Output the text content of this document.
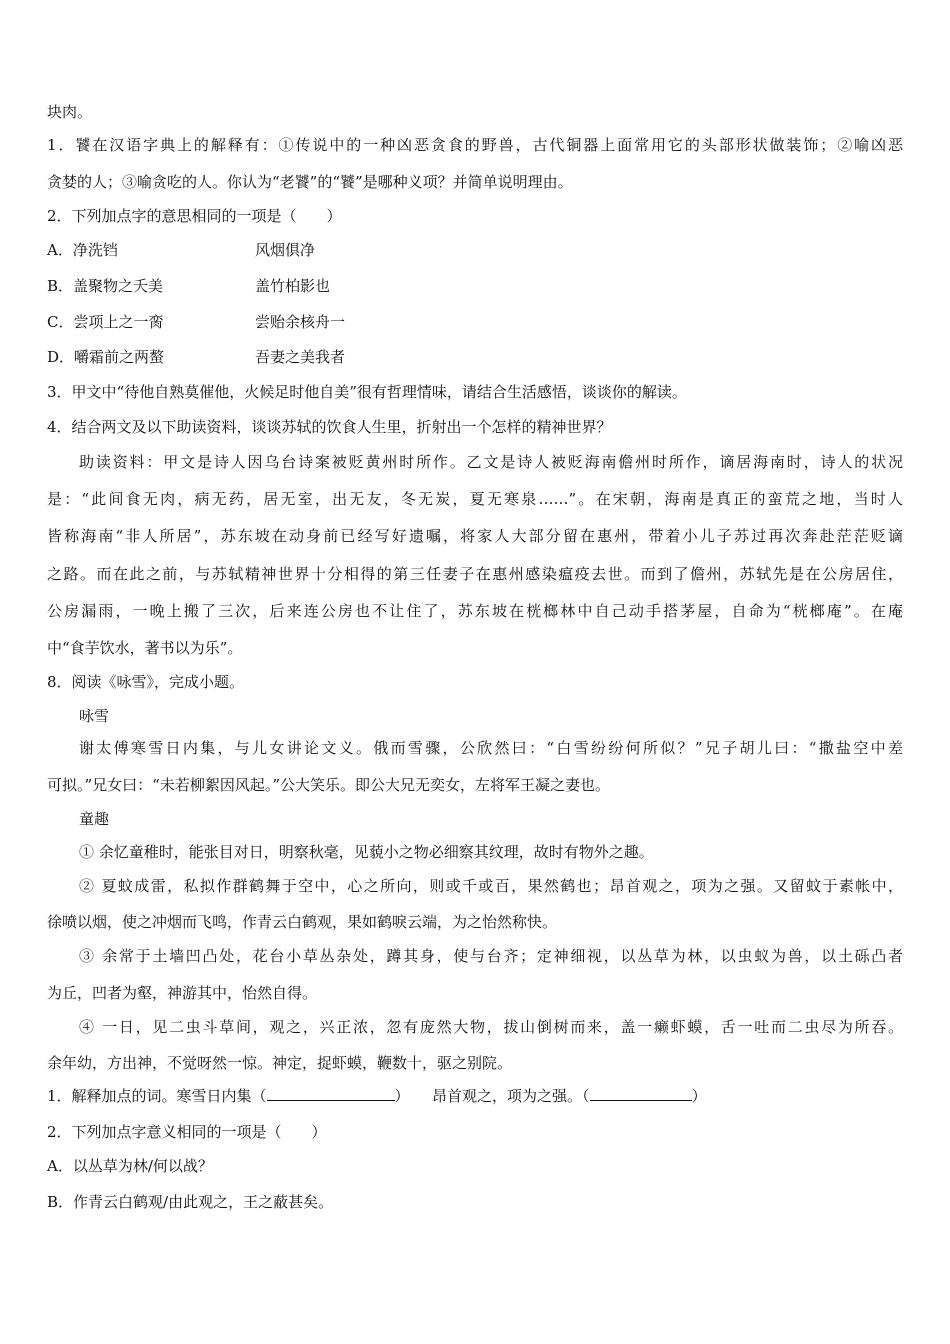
块肉。
1．饕在汉语字典上的解释有：①传说中的一种凶恶贪食的野兽，古代铜器上面常用它的头部形状做装饰；②喻凶恶
贪婪的人；③喻贪吃的人。你认为“老饕”的“饕”是哪种义项？并简单说明理由。
2．下列加点字的意思相同的一项是（　　）
A．净洗铛	风烟俱净
B．盖聚物之夭美	盖竹柏影也
C．尝项上之一脔	尝贻余核舟一
D．嚼霜前之两螯	吾妻之美我者
3．甲文中“待他自熟莫催他，火候足时他自美”很有哲理情味，请结合生活感悟，谈谈你的解读。
4．结合两文及以下助读资料，谈谈苏轼的饮食人生里，折射出一个怎样的精神世界？
助读资料：甲文是诗人因乌台诗案被贬黄州时所作。乙文是诗人被贬海南儋州时所作，谪居海南时，诗人的状况
是：“此间食无肉，病无药，居无室，出无友，冬无炭，夏无寒泉……”。在宋朝，海南是真正的蛮荒之地，当时人
皆称海南“非人所居”，苏东坡在动身前已经写好遗嘱，将家人大部分留在惠州，带着小儿子苏过再次奔赴茫茫贬谪
之路。而在此之前，与苏轼精神世界十分相得的第三任妻子在惠州感染瘟疫去世。而到了儋州，苏轼先是在公房居住，
公房漏雨，一晚上搬了三次，后来连公房也不让住了，苏东坡在桄榔林中自己动手搭茅屋，自命为“桄榔庵”。在庵
中“食芋饮水，著书以为乐”。
8．阅读《咏雪》，完成小题。
咏雪
谢太傅寒雪日内集，与儿女讲论文义。俄而雪骤，公欣然曰：“白雪纷纷何所似？”兄子胡儿曰：“撒盐空中差
可拟。”兄女曰：“未若柳絮因风起。”公大笑乐。即公大兄无奕女，左将军王凝之妻也。
童趣
① 余忆童稚时，能张目对日，明察秋毫，见藐小之物必细察其纹理，故时有物外之趣。
② 夏蚊成雷，私拟作群鹤舞于空中，心之所向，则或千或百，果然鹤也；昂首观之，项为之强。又留蚊于素帐中，
徐喷以烟，使之冲烟而飞鸣，作青云白鹤观，果如鹤唳云端，为之怡然称快。
③ 余常于土墙凹凸处，花台小草丛杂处，蹲其身，使与台齐；定神细视，以丛草为林，以虫蚁为兽，以土砾凸者
为丘，凹者为壑，神游其中，怡然自得。
④ 一日，见二虫斗草间，观之，兴正浓，忽有庞然大物，拔山倒树而来，盖一癞虾蟆，舌一吐而二虫尽为所吞。
余年幼，方出神，不觉呀然一惊。神定，捉虾蟆，鞭数十，驱之别院。
1．解释加点的词。寒雪日内集（	）　　昂首观之，项为之强。（	）
2．下列加点字意义相同的一项是（　　）
A．以丛草为林/何以战？
B．作青云白鹤观/由此观之，王之蔽甚矣。
